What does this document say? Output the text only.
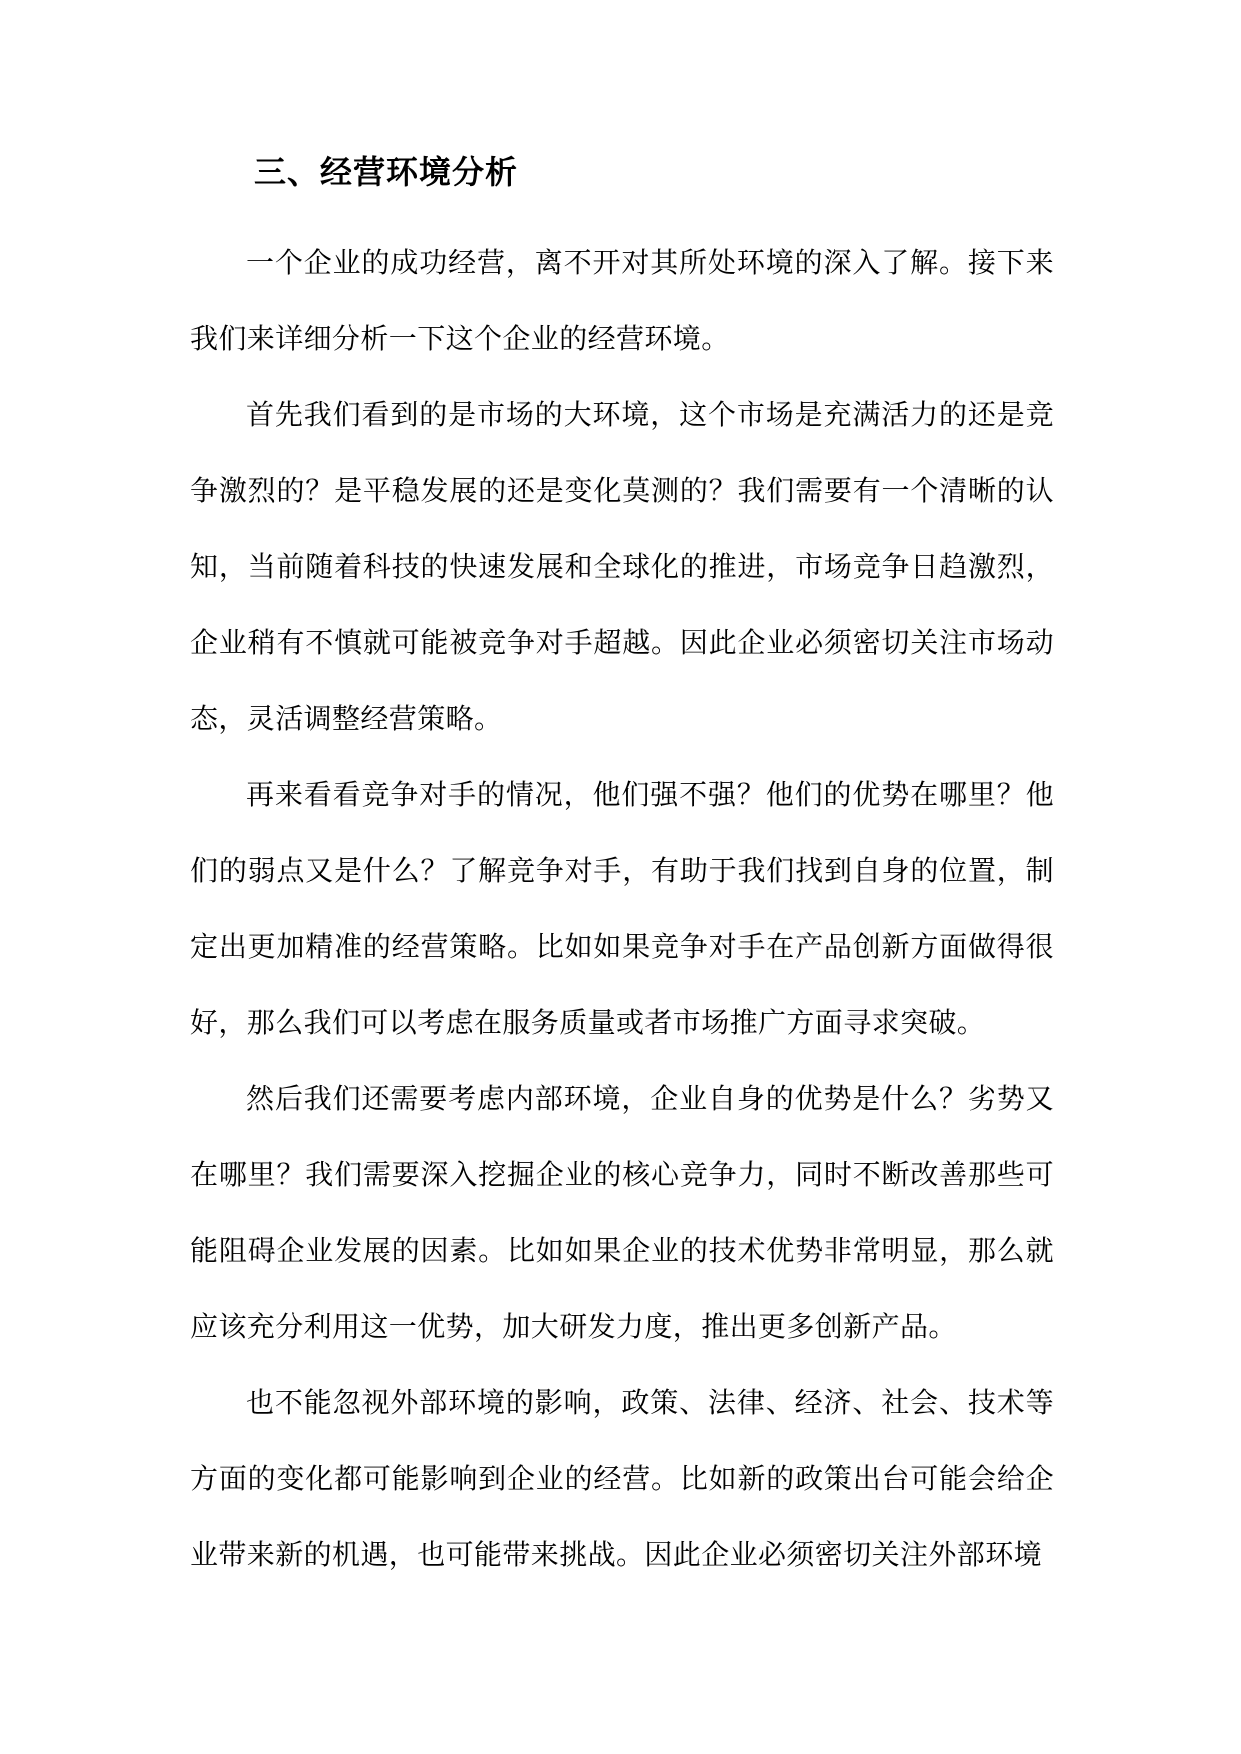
三、经营环境分析

一个企业的成功经营，离不开对其所处环境的深入了解。接下来我们来详细分析一下这个企业的经营环境。

首先我们看到的是市场的大环境，这个市场是充满活力的还是竞争激烈的？是平稳发展的还是变化莫测的？我们需要有一个清晰的认知，当前随着科技的快速发展和全球化的推进，市场竞争日趋激烈，企业稍有不慎就可能被竞争对手超越。因此企业必须密切关注市场动态，灵活调整经营策略。

再来看看竞争对手的情况，他们强不强？他们的优势在哪里？他们的弱点又是什么？了解竞争对手，有助于我们找到自身的位置，制定出更加精准的经营策略。比如如果竞争对手在产品创新方面做得很好，那么我们可以考虑在服务质量或者市场推广方面寻求突破。

然后我们还需要考虑内部环境，企业自身的优势是什么？劣势又在哪里？我们需要深入挖掘企业的核心竞争力，同时不断改善那些可能阻碍企业发展的因素。比如如果企业的技术优势非常明显，那么就应该充分利用这一优势，加大研发力度，推出更多创新产品。

也不能忽视外部环境的影响，政策、法律、经济、社会、技术等方面的变化都可能影响到企业的经营。比如新的政策出台可能会给企业带来新的机遇，也可能带来挑战。因此企业必须密切关注外部环境
